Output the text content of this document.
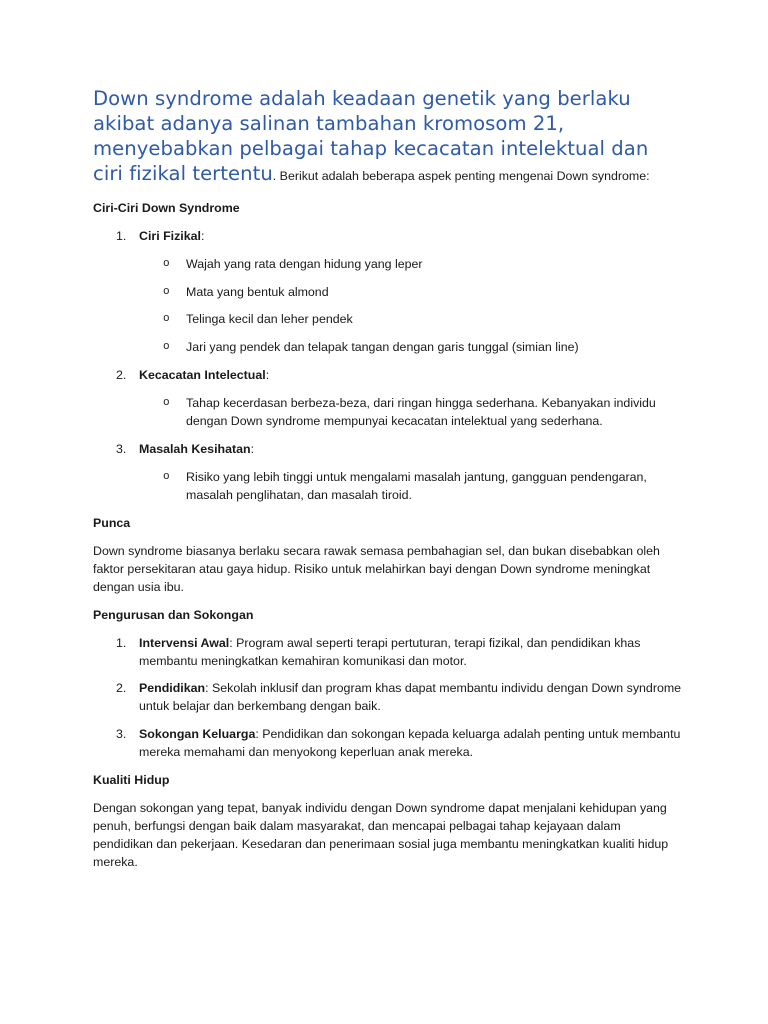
Down syndrome adalah keadaan genetik yang berlaku akibat adanya salinan tambahan kromosom 21, menyebabkan pelbagai tahap kecacatan intelektual dan ciri fizikal tertentu. Berikut adalah beberapa aspek penting mengenai Down syndrome:

Ciri-Ciri Down Syndrome

1. Ciri Fizikal:
o Wajah yang rata dengan hidung yang leper
o Mata yang bentuk almond
o Telinga kecil dan leher pendek
o Jari yang pendek dan telapak tangan dengan garis tunggal (simian line)
2. Kecacatan Intelectual:
o Tahap kecerdasan berbeza-beza, dari ringan hingga sederhana. Kebanyakan individu dengan Down syndrome mempunyai kecacatan intelektual yang sederhana.
3. Masalah Kesihatan:
o Risiko yang lebih tinggi untuk mengalami masalah jantung, gangguan pendengaran, masalah penglihatan, dan masalah tiroid.

Punca

Down syndrome biasanya berlaku secara rawak semasa pembahagian sel, dan bukan disebabkan oleh faktor persekitaran atau gaya hidup. Risiko untuk melahirkan bayi dengan Down syndrome meningkat dengan usia ibu.

Pengurusan dan Sokongan

1. Intervensi Awal: Program awal seperti terapi pertuturan, terapi fizikal, dan pendidikan khas membantu meningkatkan kemahiran komunikasi dan motor.
2. Pendidikan: Sekolah inklusif dan program khas dapat membantu individu dengan Down syndrome untuk belajar dan berkembang dengan baik.
3. Sokongan Keluarga: Pendidikan dan sokongan kepada keluarga adalah penting untuk membantu mereka memahami dan menyokong keperluan anak mereka.

Kualiti Hidup

Dengan sokongan yang tepat, banyak individu dengan Down syndrome dapat menjalani kehidupan yang penuh, berfungsi dengan baik dalam masyarakat, dan mencapai pelbagai tahap kejayaan dalam pendidikan dan pekerjaan. Kesedaran dan penerimaan sosial juga membantu meningkatkan kualiti hidup mereka.
